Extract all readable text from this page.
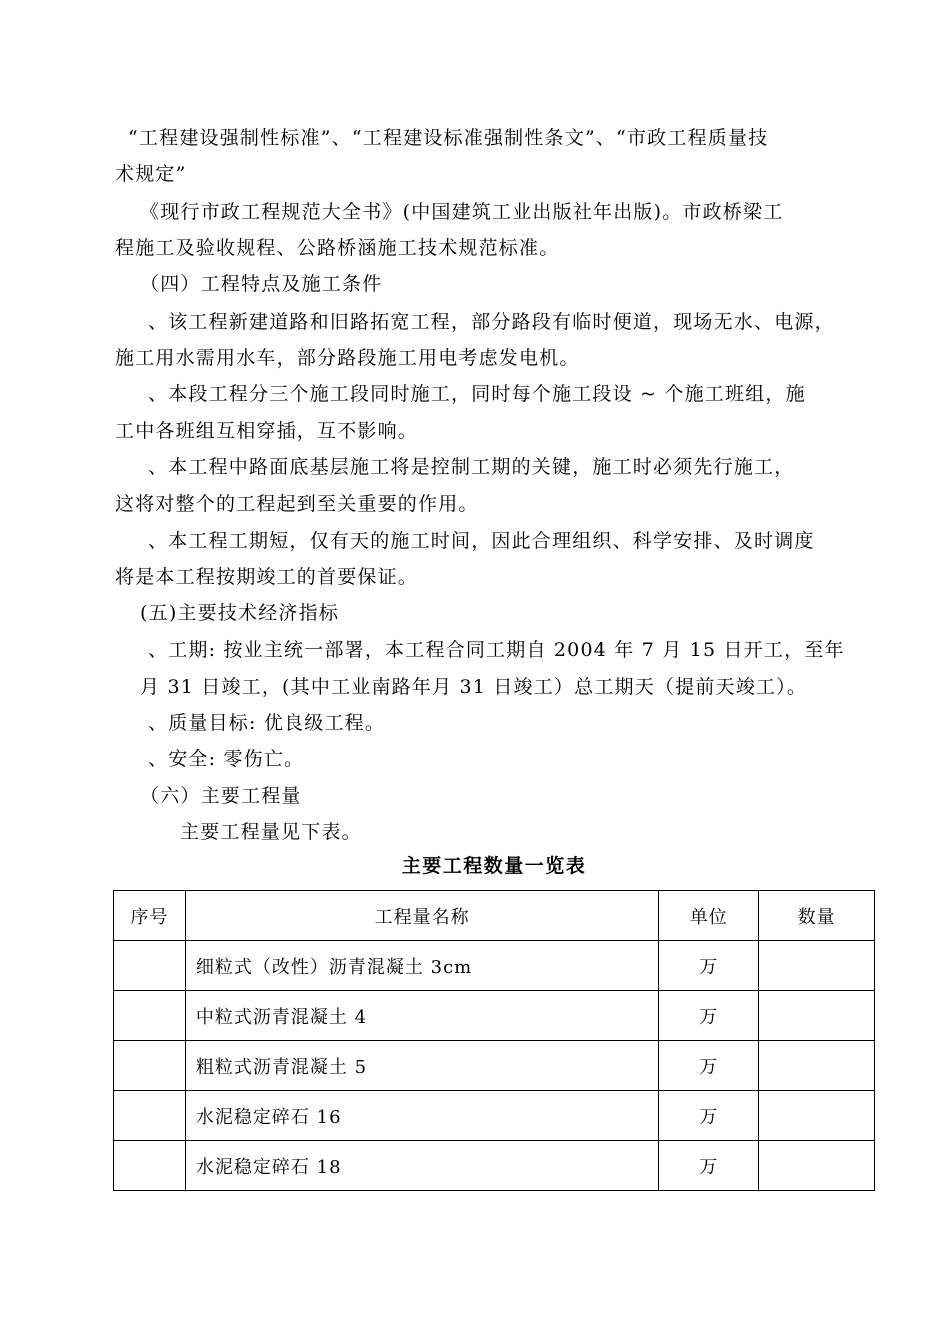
“工程建设强制性标准”、“工程建设标准强制性条文”、“市政工程质量技
术规定”
《现行市政工程规范大全书》(中国建筑工业出版社年出版)。市政桥梁工
程施工及验收规程、公路桥涵施工技术规范标准。
（四）工程特点及施工条件
、该工程新建道路和旧路拓宽工程，部分路段有临时便道，现场无水、电源，
施工用水需用水车，部分路段施工用电考虑发电机。
、本段工程分三个施工段同时施工，同时每个施工段设 ~ 个施工班组，施
工中各班组互相穿插，互不影响。
、本工程中路面底基层施工将是控制工期的关键，施工时必须先行施工，
这将对整个的工程起到至关重要的作用。
、本工程工期短，仅有天的施工时间，因此合理组织、科学安排、及时调度
将是本工程按期竣工的首要保证。
(五)主要技术经济指标
、工期: 按业主统一部署，本工程合同工期自 2004 年 7 月 15 日开工，至年
月 31 日竣工，(其中工业南路年月 31 日竣工）总工期天（提前天竣工）。
、质量目标: 优良级工程。
、安全: 零伤亡。
（六）主要工程量
主要工程量见下表。
主要工程数量一览表
序号	工程量名称	单位	数量
	细粒式（改性）沥青混凝土 3cm	万	
	中粒式沥青混凝土 4	万	
	粗粒式沥青混凝土 5	万	
	水泥稳定碎石 16	万	
	水泥稳定碎石 18	万	
